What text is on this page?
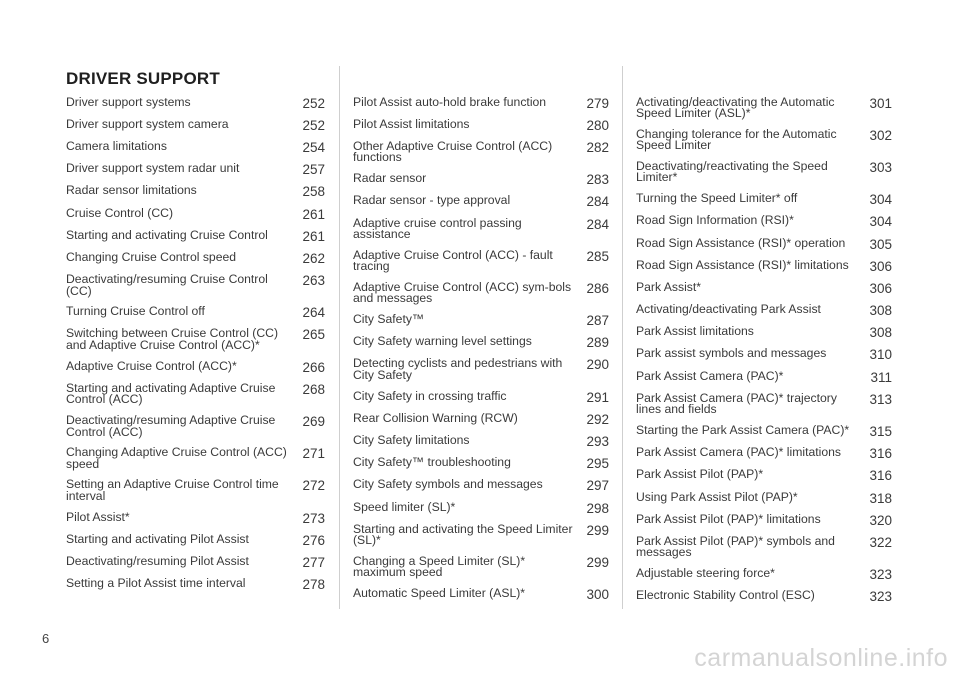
DRIVER SUPPORT
Driver support systems	252
Driver support system camera	252
Camera limitations	254
Driver support system radar unit	257
Radar sensor limitations	258
Cruise Control (CC)	261
Starting and activating Cruise Control	261
Changing Cruise Control speed	262
Deactivating/resuming Cruise Control (CC)
263
Turning Cruise Control off	264
Switching between Cruise Control (CC) and Adaptive Cruise Control (ACC)*
265
Adaptive Cruise Control (ACC)*	266
Starting and activating Adaptive Cruise Control (ACC)
268
Deactivating/resuming Adaptive Cruise Control (ACC)
269
Changing Adaptive Cruise Control (ACC) speed
271
Setting an Adaptive Cruise Control time interval
272
Pilot Assist*	273
Starting and activating Pilot Assist	276
Deactivating/resuming Pilot Assist	277
Setting a Pilot Assist time interval	278
Pilot Assist auto-hold brake function	279
Pilot Assist limitations	280
Other Adaptive Cruise Control (ACC) functions
282
Radar sensor	283
Radar sensor - type approval	284
Adaptive cruise control passing assistance
284
Adaptive Cruise Control (ACC) - fault tracing
285
Adaptive Cruise Control (ACC) sym-bols and messages
286
City Safety™	287
City Safety warning level settings	289
Detecting cyclists and pedestrians with City Safety
290
City Safety in crossing traffic	291
Rear Collision Warning (RCW)	292
City Safety limitations	293
City Safety™ troubleshooting	295
City Safety symbols and messages	297
Speed limiter (SL)*	298
Starting and activating the Speed Limiter (SL)*
299
Changing a Speed Limiter (SL)* maximum speed
299
Automatic Speed Limiter (ASL)*	300
Activating/deactivating the Automatic Speed Limiter (ASL)*
301
Changing tolerance for the Automatic Speed Limiter
302
Deactivating/reactivating the Speed Limiter*
303
Turning the Speed Limiter* off	304
Road Sign Information (RSI)*	304
Road Sign Assistance (RSI)* operation	305
Road Sign Assistance (RSI)* limitations	306
Park Assist*	306
Activating/deactivating Park Assist	308
Park Assist limitations	308
Park assist symbols and messages	310
Park Assist Camera (PAC)*	311
Park Assist Camera (PAC)* trajectory lines and fields
313
Starting the Park Assist Camera (PAC)*	315
Park Assist Camera (PAC)* limitations	316
Park Assist Pilot (PAP)*	316
Using Park Assist Pilot (PAP)*	318
Park Assist Pilot (PAP)* limitations	320
Park Assist Pilot (PAP)* symbols and messages
322
Adjustable steering force*	323
Electronic Stability Control (ESC)	323
6
carmanualsonline.info
